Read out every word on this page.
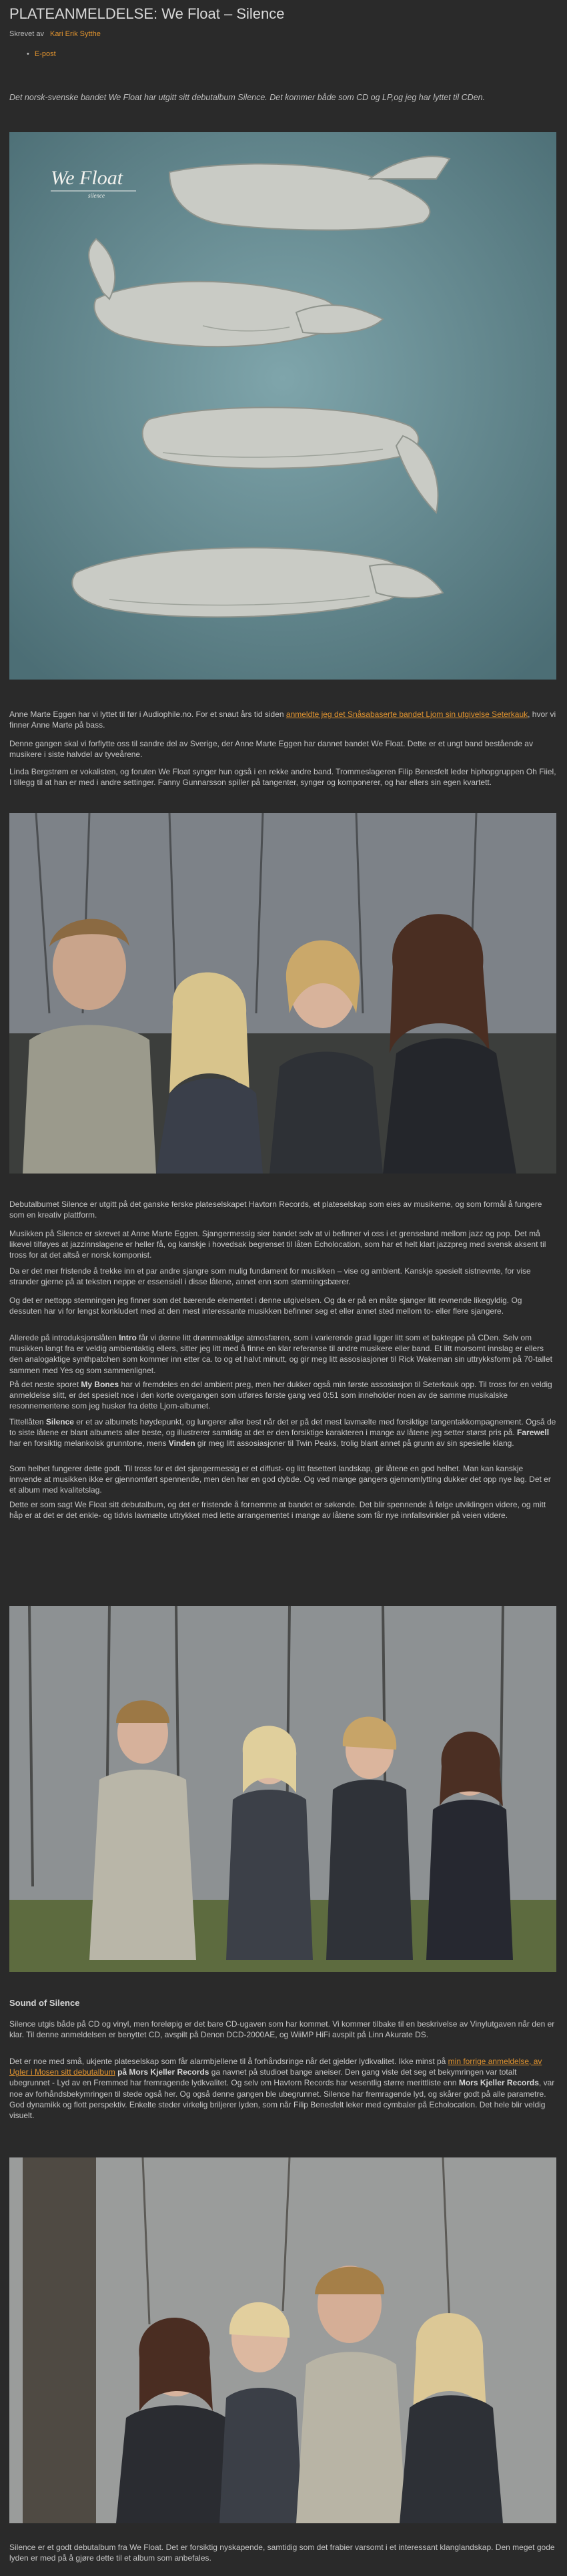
PLATEANMELDELSE: We Float – Silence
Skrevet av Kari Erik Sytthe
• E-post
Det norsk-svenske bandet We Float har utgitt sitt debutalbum Silence. Det kommer både som CD og LP,og jeg har lyttet til CDen.
We Float
silence

Anne Marte Eggen har vi lyttet til før i Audiophile.no. For et snaut års tid siden anmeldte jeg det Snåsabaserte bandet Ljom sin utgivelse Seterkauk, hvor vi finner Anne Marte på bass.

Denne gangen skal vi forflytte oss til sandre del av Sverige, der Anne Marte Eggen har dannet bandet We Float. Dette er et ungt band bestående av musikere i siste halvdel av tyveårene.

Linda Bergstrøm er vokalisten, og foruten We Float synger hun også i en rekke andre band. Trommeslageren Filip Benesfelt leder hiphopgruppen Oh Fiiel, I tillegg til at han er med i andre settinger. Fanny Gunnarsson spiller på tangenter, synger og komponerer, og har ellers sin egen kvartett.

Debutalbumet Silence er utgitt på det ganske ferske plateselskapet Havtorn Records, et plateselskap som eies av musikerne, og som formål å fungere som en kreativ plattform.

Musikken på Silence er skrevet at Anne Marte Eggen. Sjangermessig sier bandet selv at vi befinner vi oss i et grenseland mellom jazz og pop. Det må likevel tilføyes at jazzinnslagene er heller få, og kanskje i hovedsak begrenset til låten Echolocation, som har et helt klart jazzpreg med svensk aksent til tross for at det altså er norsk komponist.

Da er det mer fristende å trekke inn et par andre sjangre som mulig fundament for musikken – vise og ambient. Kanskje spesielt sistnevnte, for vise strander gjerne på at teksten neppe er essensiell i disse låtene, annet enn som stemningsbærer.

Og det er nettopp stemningen jeg finner som det bærende elementet i denne utgivelsen. Og da er på en måte sjanger litt revnende likegyldig. Og dessuten har vi for lengst konkludert med at den mest interessante musikken befinner seg et eller annet sted mellom to- eller flere sjangere.

Allerede på introduksjonslåten Intro får vi denne litt drømmeaktige atmosfæren, som i varierende grad ligger litt som et bakteppe på CDen. Selv om musikken langt fra er veldig ambientaktig ellers, sitter jeg litt med å finne en klar referanse til andre musikere eller band. Et litt morsomt innslag er ellers den analogaktige synthpatchen som kommer inn etter ca. to og et halvt minutt, og gir meg litt assosiasjoner til Rick Wakeman sin uttrykksform på 70-tallet sammen med Yes og som sammenlignet.

På det neste sporet My Bones har vi fremdeles en del ambient preg, men her dukker også min første assosiasjon til Seterkauk opp. Til tross for en veldig anmeldelse slitt, er det spesielt noe i den korte overgangen som utføres første gang ved 0:51 som inneholder noen av de samme musikalske resonnementene som jeg husker fra dette Ljom-albumet.

Tittellåten Silence er et av albumets høydepunkt, og lungerer aller best når det er på det mest lavmælte med forsiktige tangentakkompagnement. Også de to siste låtene er blant albumets aller beste, og illustrerer samtidig at det er den forsiktige karakteren i mange av låtene jeg setter størst pris på. Farewell har en forsiktig melankolsk grunntone, mens Vinden gir meg litt assosiasjoner til Twin Peaks, trolig blant annet på grunn av sin spesielle klang.

Som helhet fungerer dette godt. Til tross for et det sjangermessig er et diffust- og litt fasettert landskap, gir låtene en god helhet. Man kan kanskje innvende at musikken ikke er gjennomført spennende, men den har en god dybde. Og ved mange gangers gjennomlytting dukker det opp nye lag. Det er et album med kvalitetslag.

Dette er som sagt We Float sitt debutalbum, og det er fristende å fornemme at bandet er søkende. Det blir spennende å følge utviklingen videre, og mitt håp er at det er det enkle- og tidvis lavmælte uttrykket med lette arrangementet i mange av låtene som får nye innfallsvinkler på veien videre.

Sound of Silence

Silence utgis både på CD og vinyl, men foreløpig er det bare CD-ugaven som har kommet. Vi kommer tilbake til en beskrivelse av Vinylutgaven når den er klar. Til denne anmeldelsen er benyttet CD, avspilt på Denon DCD-2000AE, og WiiMP HiFi avspilt på Linn Akurate DS.

Det er noe med små, ukjente plateselskap som får alarmbjellene til å forhåndsringe når det gjelder lydkvalitet. Ikke minst på min forrige anmeldelse, av Ugler i Mosen sitt debutalbum på Mors Kjeller Records ga navnet på studioet bange aneiser. Den gang viste det seg et bekymringen var totalt ubegrunnet - Lyd av en Fremmed har fremragende lydkvalitet. Og selv om Havtorn Records har vesentlig større merittliste enn Mors Kjeller Records, var noe av forhåndsbekymringen til stede også her. Og også denne gangen ble ubegrunnet. Silence har fremragende lyd, og skårer godt på alle parametre. God dynamikk og flott perspektiv. Enkelte steder virkelig briljerer lyden, som når Filip Benesfelt leker med cymbaler på Echolocation. Det hele blir veldig visuelt.

Silence er et godt debutalbum fra We Float. Det er forsiktig nyskapende, samtidig som det frabier varsomt i et interessant klanglandskap. Den meget gode lyden er med på å gjøre dette til et album som anbefales.
